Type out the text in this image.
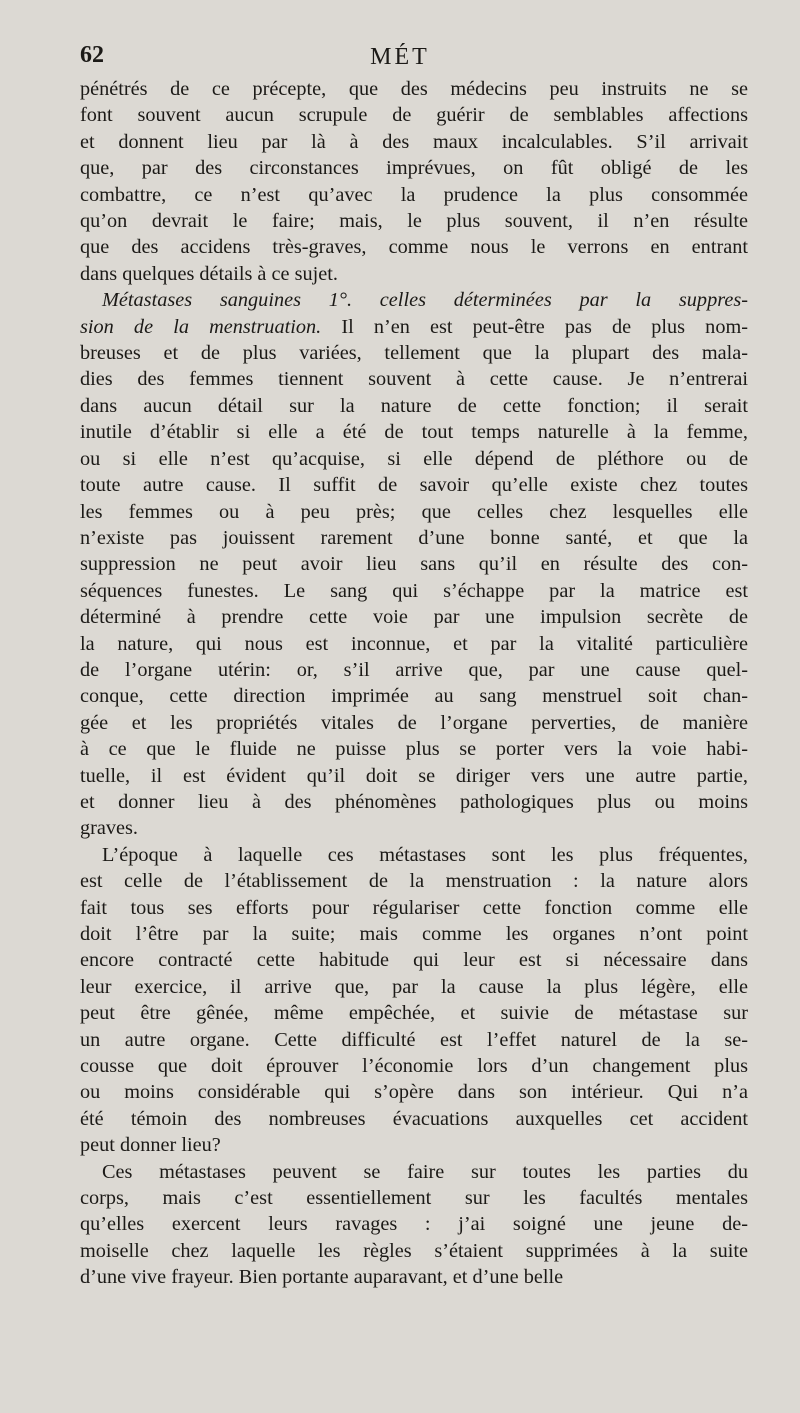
62	MÉT
pénétrés de ce précepte, que des médecins peu instruits ne se
font souvent aucun scrupule de guérir de semblables affections
et donnent lieu par là à des maux incalculables. S’il arrivait
que, par des circonstances imprévues, on fût obligé de les
combattre, ce n’est qu’avec la prudence la plus consommée
qu’on devrait le faire; mais, le plus souvent, il n’en résulte
que des accidens très-graves, comme nous le verrons en entrant
dans quelques détails à ce sujet.
Métastases sanguines 1°. celles déterminées par la suppres-
sion de la menstruation. Il n’en est peut-être pas de plus nom-
breuses et de plus variées, tellement que la plupart des mala-
dies des femmes tiennent souvent à cette cause. Je n’entrerai
dans aucun détail sur la nature de cette fonction; il serait
inutile d’établir si elle a été de tout temps naturelle à la femme,
ou si elle n’est qu’acquise, si elle dépend de pléthore ou de
toute autre cause. Il suffit de savoir qu’elle existe chez toutes
les femmes ou à peu près; que celles chez lesquelles elle
n’existe pas jouissent rarement d’une bonne santé, et que la
suppression ne peut avoir lieu sans qu’il en résulte des con-
séquences funestes. Le sang qui s’échappe par la matrice est
déterminé à prendre cette voie par une impulsion secrète de
la nature, qui nous est inconnue, et par la vitalité particulière
de l’organe utérin: or, s’il arrive que, par une cause quel-
conque, cette direction imprimée au sang menstruel soit chan-
gée et les propriétés vitales de l’organe perverties, de manière
à ce que le fluide ne puisse plus se porter vers la voie habi-
tuelle, il est évident qu’il doit se diriger vers une autre partie,
et donner lieu à des phénomènes pathologiques plus ou moins
graves.
L’époque à laquelle ces métastases sont les plus fréquentes,
est celle de l’établissement de la menstruation : la nature alors
fait tous ses efforts pour régulariser cette fonction comme elle
doit l’être par la suite; mais comme les organes n’ont point
encore contracté cette habitude qui leur est si nécessaire dans
leur exercice, il arrive que, par la cause la plus légère, elle
peut être gênée, même empêchée, et suivie de métastase sur
un autre organe. Cette difficulté est l’effet naturel de la se-
cousse que doit éprouver l’économie lors d’un changement plus
ou moins considérable qui s’opère dans son intérieur. Qui n’a
été témoin des nombreuses évacuations auxquelles cet accident
peut donner lieu?
Ces métastases peuvent se faire sur toutes les parties du
corps, mais c’est essentiellement sur les facultés mentales
qu’elles exercent leurs ravages : j’ai soigné une jeune de-
moiselle chez laquelle les règles s’étaient supprimées à la suite
d’une vive frayeur. Bien portante auparavant, et d’une belle
